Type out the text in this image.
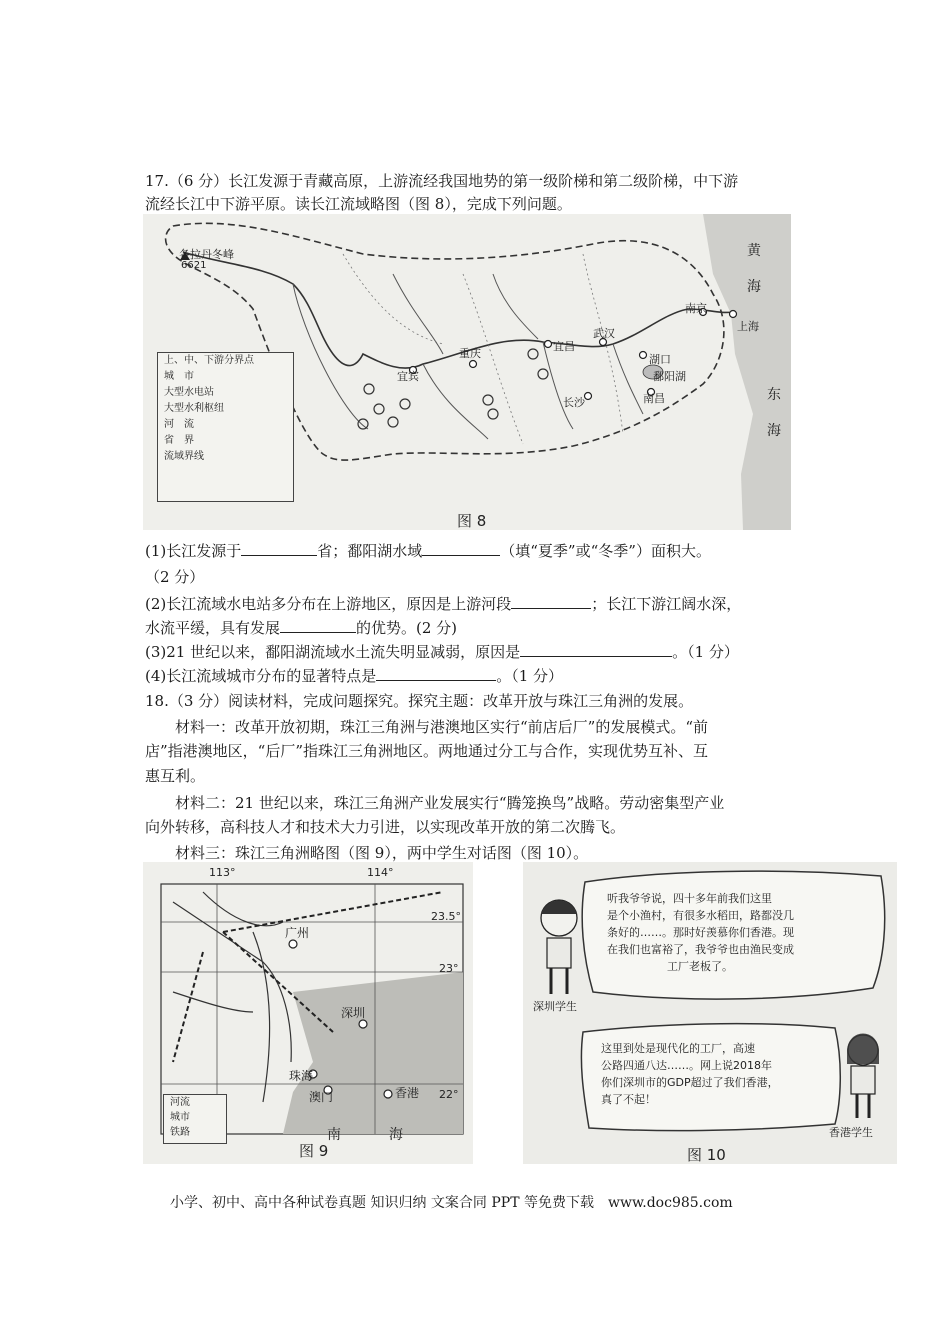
17.（6 分）长江发源于青藏高原，上游流经我国地势的第一级阶梯和第二级阶梯，中下游
流经长江中下游平原。读长江流域略图（图 8），完成下列问题。
各拉丹冬峰
6621
黄
海
东
海
宜宾
重庆
宜昌
武汉
长沙
湖口
鄱阳湖
南昌
南京
上海
上、中、下游分界点
城　市
大型水电站
大型水利枢纽
河　流
省　界
流域界线
图 8
(1)长江发源于	省；鄱阳湖水域	（填“夏季”或“冬季”）面积大。
（2 分）
(2)长江流域水电站多分布在上游地区，原因是上游河段	；长江下游江阔水深，
水流平缓，具有发展	的优势。(2 分)
(3)21 世纪以来，鄱阳湖流域水土流失明显减弱，原因是	。（1 分）
(4)长江流域城市分布的显著特点是	。（1 分）
18.（3 分）阅读材料，完成问题探究。探究主题：改革开放与珠江三角洲的发展。
材料一：改革开放初期，珠江三角洲与港澳地区实行“前店后厂”的发展模式。“前
店”指港澳地区，“后厂”指珠江三角洲地区。两地通过分工与合作，实现优势互补、互
惠互利。
材料二：21 世纪以来，珠江三角洲产业发展实行“腾笼换鸟”战略。劳动密集型产业
向外转移，高科技人才和技术大力引进，以实现改革开放的第二次腾飞。
材料三：珠江三角洲略图（图 9），两中学生对话图（图 10）。
113°	114°
23.5°
23°
22°
广州
深圳
珠海
澳门	香港
南	海
河流
城市
铁路
图 9
听我爷爷说，四十多年前我们这里
是个小渔村，有很多水稻田，路都没几
条好的……。那时好羡慕你们香港。现
在我们也富裕了，我爷爷也由渔民变成
工厂老板了。
深圳学生
这里到处是现代化的工厂，高速
公路四通八达……。网上说2018年
你们深圳市的GDP超过了我们香港，
真了不起！
香港学生
图 10
小学、初中、高中各种试卷真题 知识归纳 文案合同 PPT 等免费下载　www.doc985.com
